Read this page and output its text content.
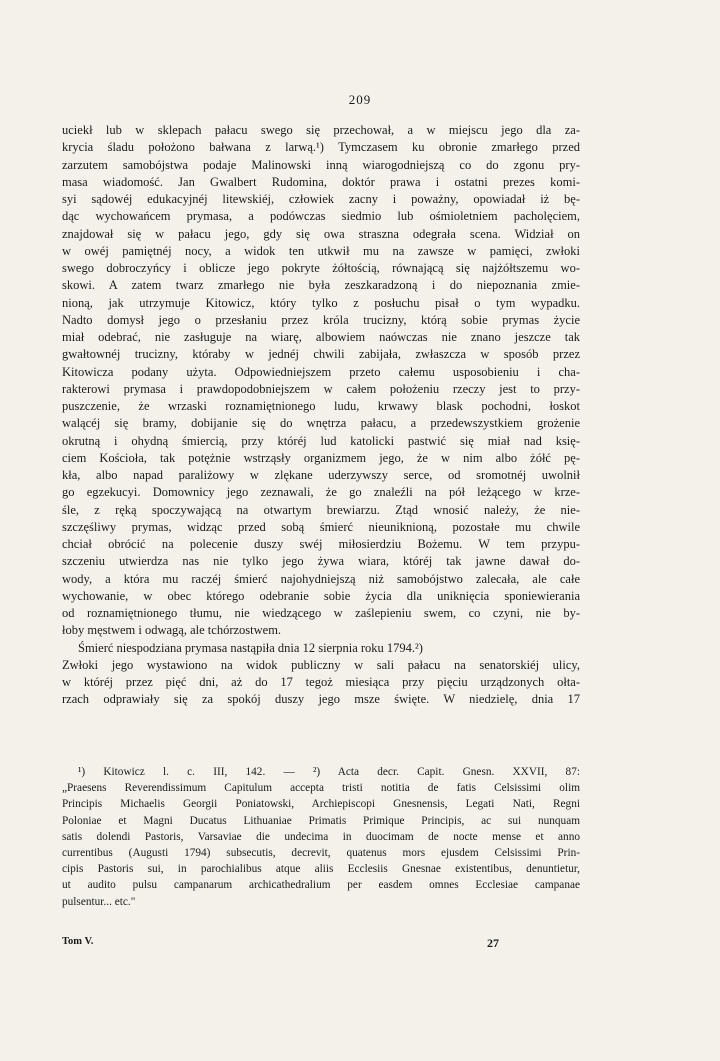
209
uciekł lub w sklepach pałacu swego się przechował, a w miejscu jego dla za-
krycia śladu położono bałwana z larwą.¹) Tymczasem ku obronie zmarłego przed
zarzutem samobójstwa podaje Malinowski inną wiarogodniejszą co do zgonu pry-
masa wiadomość. Jan Gwalbert Rudomina, doktór prawa i ostatni prezes komi-
syi sądowéj edukacyjnéj litewskiéj, człowiek zacny i poważny, opowiadał iż bę-
dąc wychowańcem prymasa, a podówczas siedmio lub ośmioletniem pacholęciem,
znajdował się w pałacu jego, gdy się owa straszna odegrała scena. Widział on
w owéj pamiętnéj nocy, a widok ten utkwił mu na zawsze w pamięci, zwłoki
swego dobroczyńcy i oblicze jego pokryte żółtością, równającą się najżółtszemu wo-
skowi. A zatem twarz zmarłego nie była zeszkaradzoną i do niepoznania zmie-
nioną, jak utrzymuje Kitowicz, który tylko z posłuchu pisał o tym wypadku.
Nadto domysł jego o przesłaniu przez króla trucizny, którą sobie prymas życie
miał odebrać, nie zasługuje na wiarę, albowiem naówczas nie znano jeszcze tak
gwałtownéj trucizny, któraby w jednéj chwili zabijała, zwłaszcza w sposób przez
Kitowicza podany użyta. Odpowiedniejszem przeto całemu usposobieniu i cha-
rakterowi prymasa i prawdopodobniejszem w całem położeniu rzeczy jest to przy-
puszczenie, że wrzaski roznamiętnionego ludu, krwawy blask pochodni, łoskot
walącéj się bramy, dobijanie się do wnętrza pałacu, a przedewszystkiem grożenie
okrutną i ohydną śmiercią, przy któréj lud katolicki pastwić się miał nad księ-
ciem Kościoła, tak potężnie wstrząsły organizmem jego, że w nim albo żółć pę-
kła, albo napad paraliżowy w zlękane uderzywszy serce, od sromotnéj uwolnił
go egzekucyi. Domownicy jego zeznawali, że go znaleźli na pół leżącego w krze-
śle, z ręką spoczywającą na otwartym brewiarzu. Ztąd wnosić należy, że nie-
szczęśliwy prymas, widząc przed sobą śmierć nieuniknioną, pozostałe mu chwile
chciał obrócić na polecenie duszy swéj miłosierdziu Bożemu. W tem przypu-
szczeniu utwierdza nas nie tylko jego żywa wiara, któréj tak jawne dawał do-
wody, a która mu raczéj śmierć najohydniejszą niż samobójstwo zalecała, ale całe
wychowanie, w obec którego odebranie sobie życia dla uniknięcia sponiewierania
od roznamiętnionego tłumu, nie wiedzącego w zaślepieniu swem, co czyni, nie by-
łoby męstwem i odwagą, ale tchórzostwem.
Śmierć niespodziana prymasa nastąpiła dnia 12 sierpnia roku 1794.²)
Zwłoki jego wystawiono na widok publiczny w sali pałacu na senatorskiéj ulicy,
w któréj przez pięć dni, aż do 17 tegoż miesiąca przy pięciu urządzonych ołta-
rzach odprawiały się za spokój duszy jego msze święte. W niedzielę, dnia 17
¹) Kitowicz l. c. III, 142. — ²) Acta decr. Capit. Gnesn. XXVII, 87:
„Praesens Reverendissimum Capitulum accepta tristi notitia de fatis Celsissimi olim
Principis Michaelis Georgii Poniatowski, Archiepiscopi Gnesnensis, Legati Nati, Regni
Poloniae et Magni Ducatus Lithuaniae Primatis Primique Principis, ac sui nunquam
satis dolendi Pastoris, Varsaviae die undecima in duocimam de nocte mense et anno
currentibus (Augusti 1794) subsecutis, decrevit, quatenus mors ejusdem Celsissimi Prin-
cipis Pastoris sui, in parochialibus atque aliis Ecclesiis Gnesnae existentibus, denuntietur,
ut audito pulsu campanarum archicathedralium per easdem omnes Ecclesiae campanae
pulsentur... etc."
Tom V.	27
